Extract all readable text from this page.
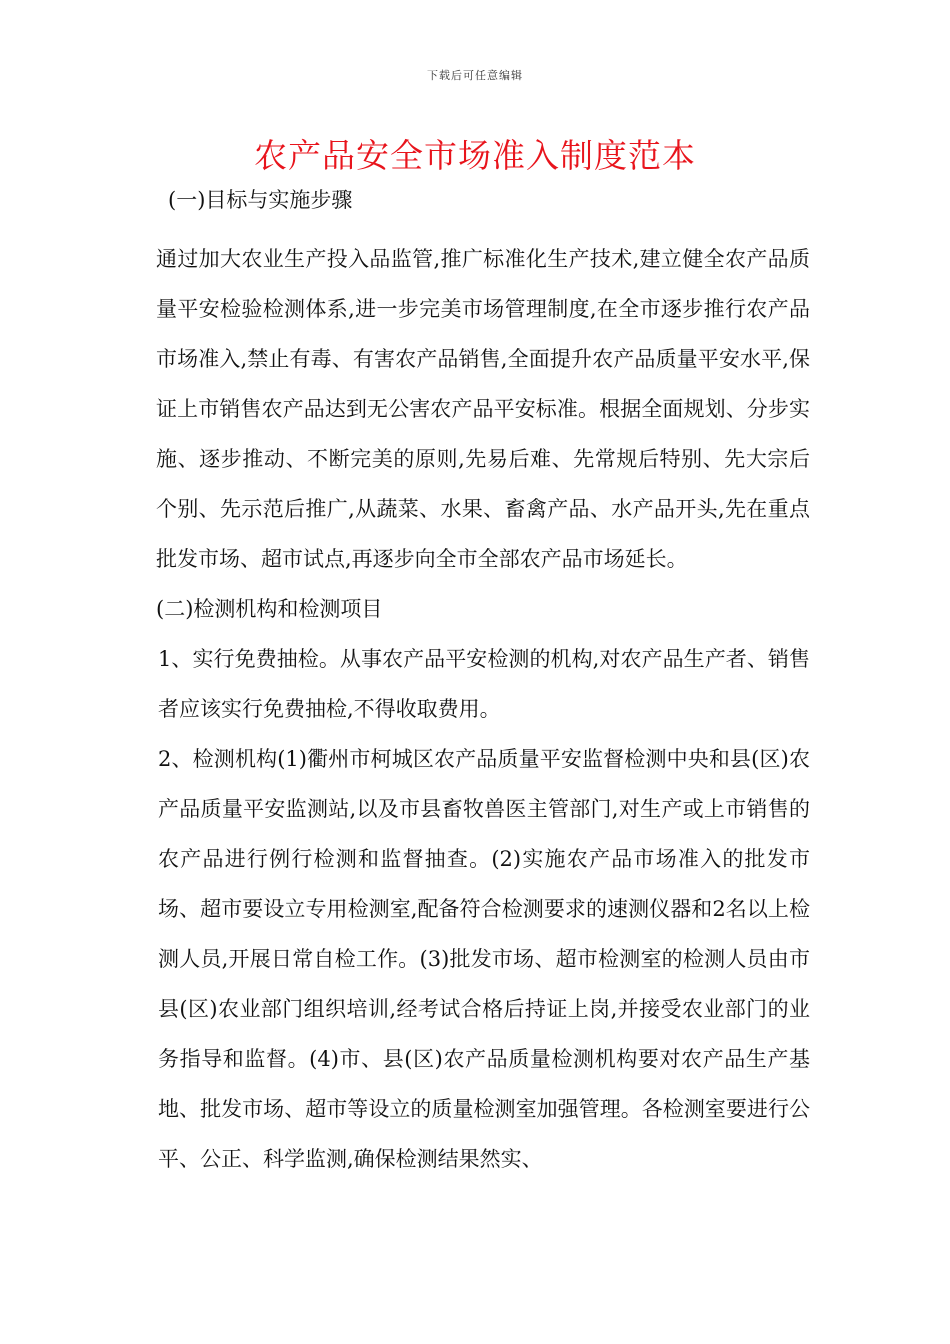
下载后可任意编辑
农产品安全市场准入制度范本

(一)目标与实施步骤

通过加大农业生产投入品监管,推广标准化生产技术,建立健全农产品质量平安检验检测体系,进一步完美市场管理制度,在全市逐步推行农产品市场准入,禁止有毒、有害农产品销售,全面提升农产品质量平安水平,保证上市销售农产品达到无公害农产品平安标准。根据全面规划、分步实施、逐步推动、不断完美的原则,先易后难、先常规后特别、先大宗后个别、先示范后推广,从蔬菜、水果、畜禽产品、水产品开头,先在重点批发市场、超市试点,再逐步向全市全部农产品市场延长。

(二)检测机构和检测项目

1、实行免费抽检。从事农产品平安检测的机构,对农产品生产者、销售者应该实行免费抽检,不得收取费用。

2、检测机构(1)衢州市柯城区农产品质量平安监督检测中央和县(区)农产品质量平安监测站,以及市县畜牧兽医主管部门,对生产或上市销售的农产品进行例行检测和监督抽查。(2)实施农产品市场准入的批发市场、超市要设立专用检测室,配备符合检测要求的速测仪器和2名以上检测人员,开展日常自检工作。(3)批发市场、超市检测室的检测人员由市县(区)农业部门组织培训,经考试合格后持证上岗,并接受农业部门的业务指导和监督。(4)市、县(区)农产品质量检测机构要对农产品生产基地、批发市场、超市等设立的质量检测室加强管理。各检测室要进行公平、公正、科学监测,确保检测结果然实、
